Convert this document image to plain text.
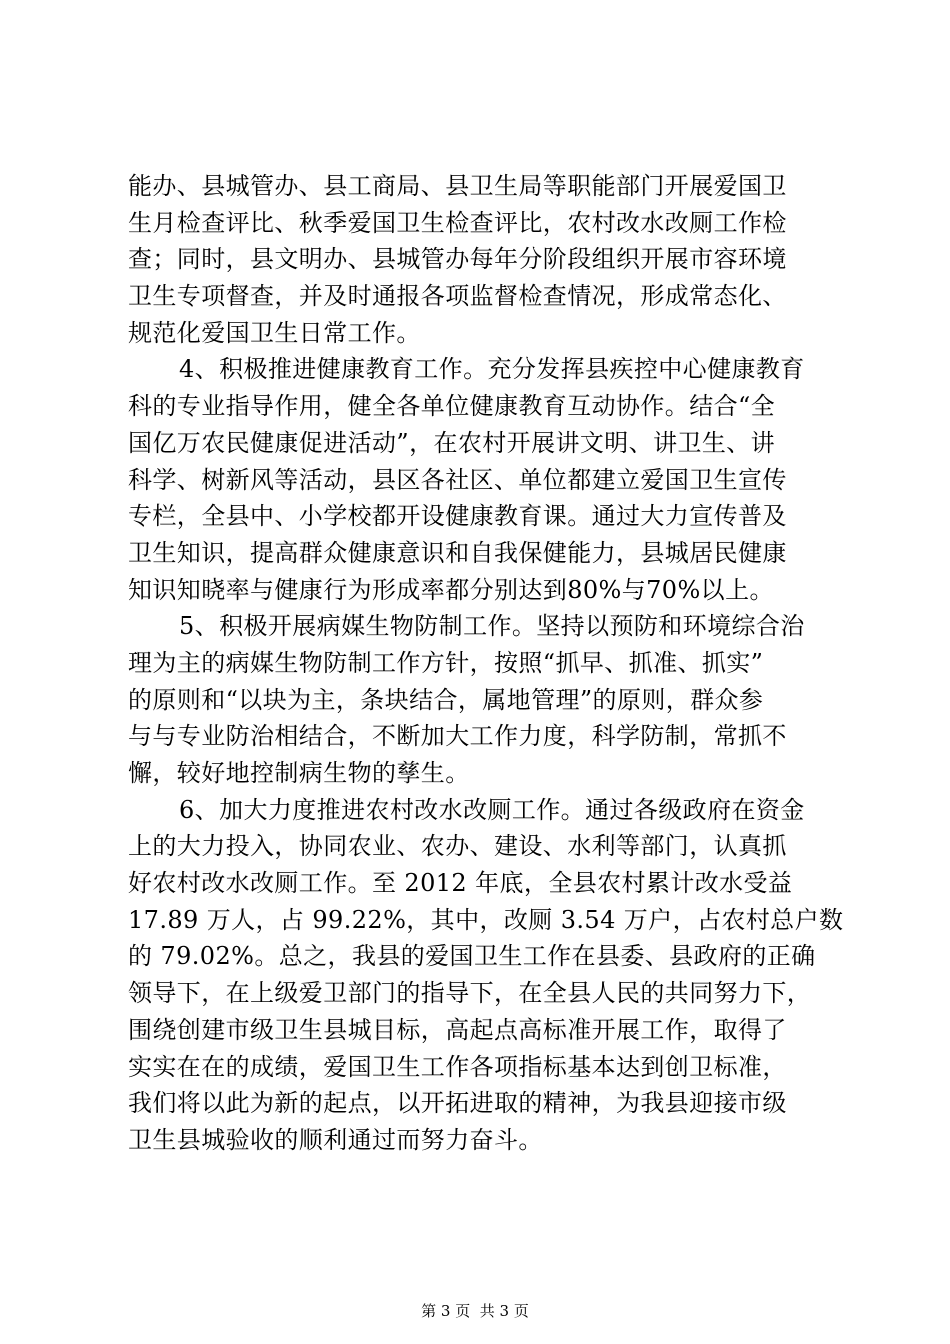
能办、县城管办、县工商局、县卫生局等职能部门开展爱国卫
生月检查评比、秋季爱国卫生检查评比，农村改水改厕工作检
查；同时，县文明办、县城管办每年分阶段组织开展市容环境
卫生专项督查，并及时通报各项监督检查情况，形成常态化、
规范化爱国卫生日常工作。
4、积极推进健康教育工作。充分发挥县疾控中心健康教育
科的专业指导作用，健全各单位健康教育互动协作。结合“全
国亿万农民健康促进活动”，在农村开展讲文明、讲卫生、讲
科学、树新风等活动，县区各社区、单位都建立爱国卫生宣传
专栏，全县中、小学校都开设健康教育课。通过大力宣传普及
卫生知识，提高群众健康意识和自我保健能力，县城居民健康
知识知晓率与健康行为形成率都分别达到80%与70%以上。
5、积极开展病媒生物防制工作。坚持以预防和环境综合治
理为主的病媒生物防制工作方针，按照“抓早、抓准、抓实”
的原则和“以块为主，条块结合，属地管理”的原则，群众参
与与专业防治相结合，不断加大工作力度，科学防制，常抓不
懈，较好地控制病生物的孳生。
6、加大力度推进农村改水改厕工作。通过各级政府在资金
上的大力投入，协同农业、农办、建设、水利等部门，认真抓
好农村改水改厕工作。至 2012 年底，全县农村累计改水受益
17.89 万人，占 99.22%，其中，改厕 3.54 万户，占农村总户数
的 79.02%。总之，我县的爱国卫生工作在县委、县政府的正确
领导下，在上级爱卫部门的指导下，在全县人民的共同努力下，
围绕创建市级卫生县城目标，高起点高标准开展工作，取得了
实实在在的成绩，爱国卫生工作各项指标基本达到创卫标准，
我们将以此为新的起点，以开拓进取的精神，为我县迎接市级
卫生县城验收的顺利通过而努力奋斗。
第 3 页  共 3 页
